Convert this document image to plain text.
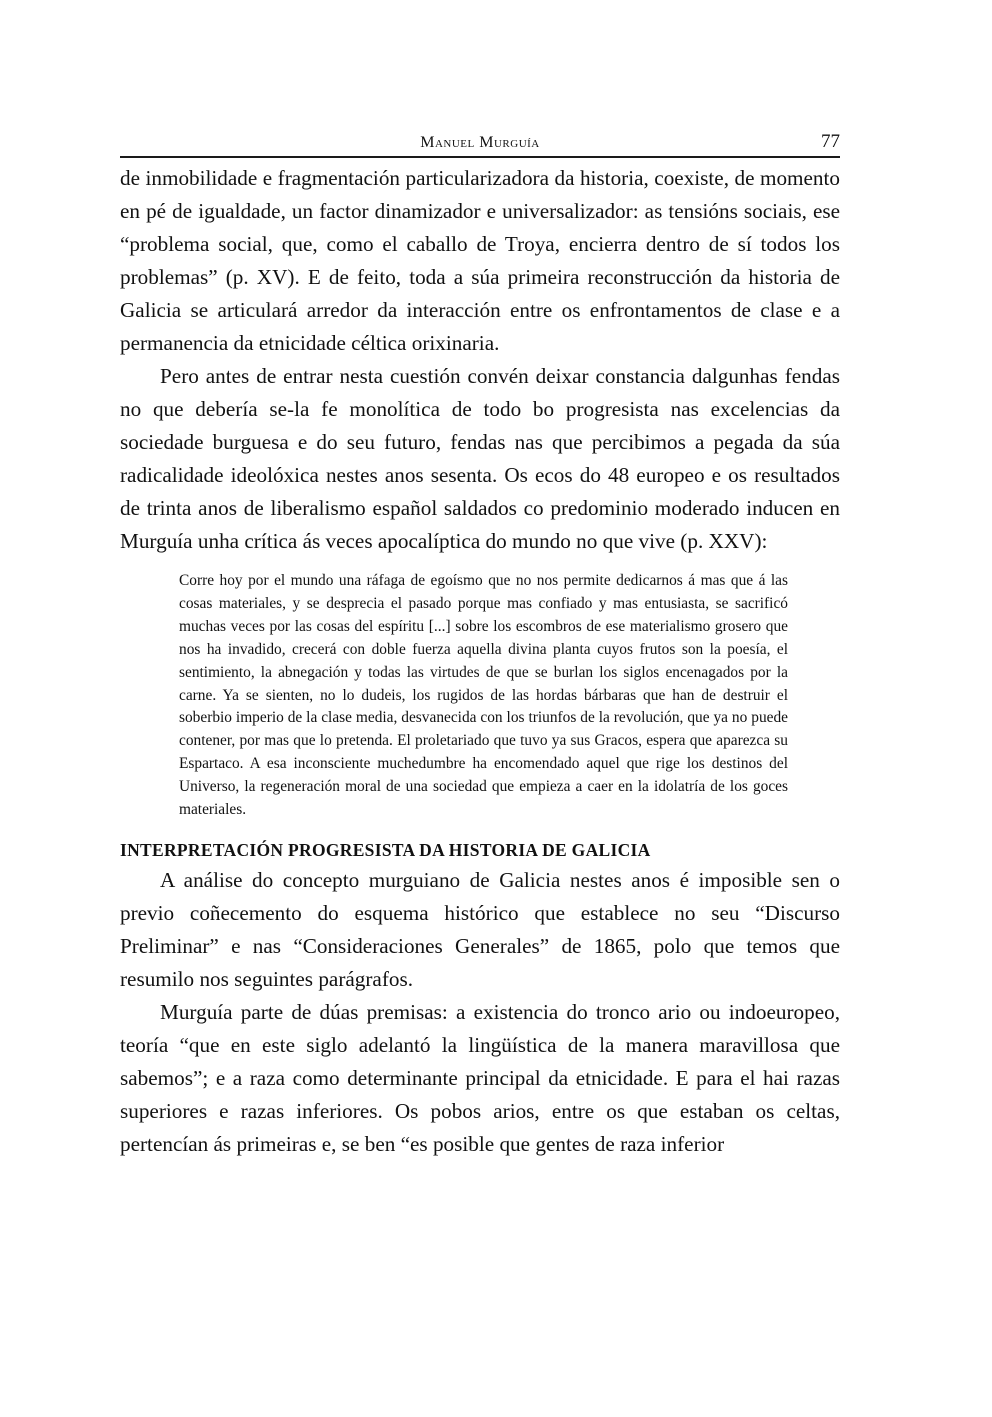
Manuel Murguía	77

de inmobilidade e fragmentación particularizadora da historia, coexiste, de momento en pé de igualdade, un factor dinamizador e universalizador: as tensións sociais, ese “problema social, que, como el caballo de Troya, encierra dentro de sí todos los problemas” (p. XV). E de feito, toda a súa primeira reconstrucción da historia de Galicia se articulará arredor da interacción entre os enfrontamentos de clase e a permanencia da etnicidade céltica orixinaria.

Pero antes de entrar nesta cuestión convén deixar constancia dalgunhas fendas no que debería se-la fe monolítica de todo bo progresista nas excelencias da sociedade burguesa e do seu futuro, fendas nas que percibimos a pegada da súa radicalidade ideolóxica nestes anos sesenta. Os ecos do 48 europeo e os resultados de trinta anos de liberalismo español saldados co predominio moderado inducen en Murguía unha crítica ás veces apocalíptica do mundo no que vive (p. XXV):

Corre hoy por el mundo una ráfaga de egoísmo que no nos permite dedicarnos á mas que á las cosas materiales, y se desprecia el pasado porque mas confiado y mas entusiasta, se sacrificó muchas veces por las cosas del espíritu [...] sobre los escombros de ese materialismo grosero que nos ha invadido, crecerá con doble fuerza aquella divina planta cuyos frutos son la poesía, el sentimiento, la abnegación y todas las virtudes de que se burlan los siglos encenagados por la carne. Ya se sienten, no lo dudeis, los rugidos de las hordas bárbaras que han de destruir el soberbio imperio de la clase media, desvanecida con los triunfos de la revolución, que ya no puede contener, por mas que lo pretenda. El proletariado que tuvo ya sus Gracos, espera que aparezca su Espartaco. A esa inconsciente muchedumbre ha encomendado aquel que rige los destinos del Universo, la regeneración moral de una sociedad que empieza a caer en la idolatría de los goces materiales.

INTERPRETACIÓN PROGRESISTA DA HISTORIA DE GALICIA

A análise do concepto murguiano de Galicia nestes anos é imposible sen o previo coñecemento do esquema histórico que establece no seu “Discurso Preliminar” e nas “Consideraciones Generales” de 1865, polo que temos que resumilo nos seguintes parágrafos.

Murguía parte de dúas premisas: a existencia do tronco ario ou indoeuropeo, teoría “que en este siglo adelantó la lingüística de la manera maravillosa que sabemos”; e a raza como determinante principal da etnicidade. E para el hai razas superiores e razas inferiores. Os pobos arios, entre os que estaban os celtas, pertencían ás primeiras e, se ben “es posible que gentes de raza inferior
